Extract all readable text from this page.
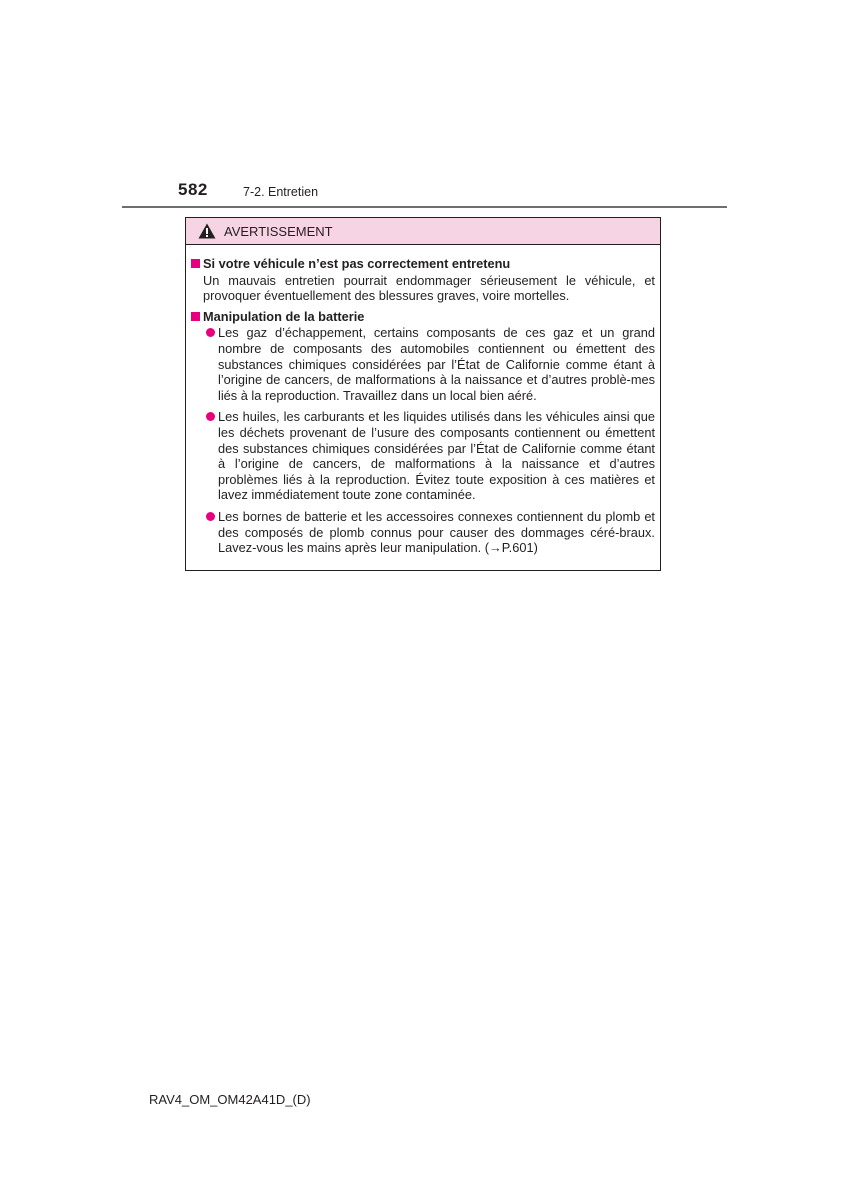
582	7-2. Entretien
AVERTISSEMENT
Si votre véhicule n’est pas correctement entretenu

Un mauvais entretien pourrait endommager sérieusement le véhicule, et provoquer éventuellement des blessures graves, voire mortelles.

Manipulation de la batterie
Les gaz d’échappement, certains composants de ces gaz et un grand nombre de composants des automobiles contiennent ou émettent des substances chimiques considérées par l’État de Californie comme étant à l’origine de cancers, de malformations à la naissance et d’autres problè-mes liés à la reproduction. Travaillez dans un local bien aéré.
Les huiles, les carburants et les liquides utilisés dans les véhicules ainsi que les déchets provenant de l’usure des composants contiennent ou émettent des substances chimiques considérées par l’État de Californie comme étant à l’origine de cancers, de malformations à la naissance et d’autres problèmes liés à la reproduction. Évitez toute exposition à ces matières et lavez immédiatement toute zone contaminée.
Les bornes de batterie et les accessoires connexes contiennent du plomb et des composés de plomb connus pour causer des dommages céré-braux. Lavez-vous les mains après leur manipulation. (→P.601)
RAV4_OM_OM42A41D_(D)
